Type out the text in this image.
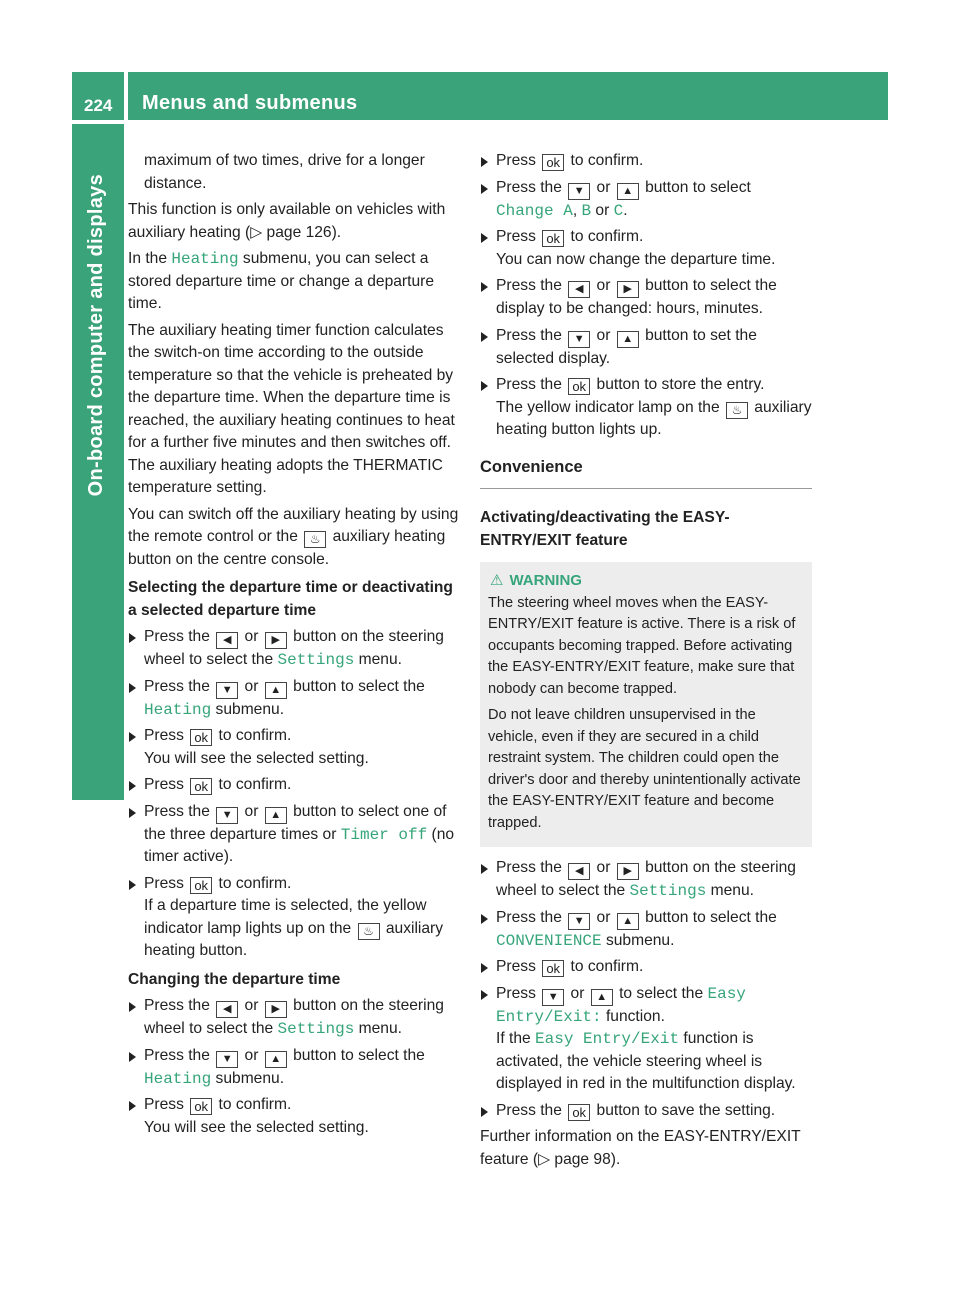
224 Menus and submenus
On-board computer and displays

maximum of two times, drive for a longer distance.

This function is only available on vehicles with auxiliary heating (▷ page 126).

In the Heating submenu, you can select a stored departure time or change a departure time.

The auxiliary heating timer function calculates the switch-on time according to the outside temperature so that the vehicle is preheated by the departure time. When the departure time is reached, the auxiliary heating continues to heat for a further five minutes and then switches off. The auxiliary heating adopts the THERMATIC temperature setting.

You can switch off the auxiliary heating by using the remote control or the ♨ auxiliary heating button on the centre console.

Selecting the departure time or deactivating a selected departure time

Press the ◀ or ▶ button on the steering wheel to select the Settings menu.
Press the ▼ or ▲ button to select the Heating submenu.
Press ok to confirm.
You will see the selected setting.
Press ok to confirm.
Press the ▼ or ▲ button to select one of the three departure times or Timer off (no timer active).
Press ok to confirm.
If a departure time is selected, the yellow indicator lamp lights up on the ♨ auxiliary heating button.

Changing the departure time

Press the ◀ or ▶ button on the steering wheel to select the Settings menu.
Press the ▼ or ▲ button to select the Heating submenu.
Press ok to confirm.
You will see the selected setting.
Press ok to confirm.
Press the ▼ or ▲ button to select Change A, B or C.
Press ok to confirm.
You can now change the departure time.
Press the ◀ or ▶ button to select the display to be changed: hours, minutes.
Press the ▼ or ▲ button to set the selected display.
Press the ok button to store the entry.
The yellow indicator lamp on the ♨ auxiliary heating button lights up.

Convenience

Activating/deactivating the EASY-ENTRY/EXIT feature

⚠ WARNING

The steering wheel moves when the EASY-ENTRY/EXIT feature is active. There is a risk of occupants becoming trapped. Before activating the EASY-ENTRY/EXIT feature, make sure that nobody can become trapped.

Do not leave children unsupervised in the vehicle, even if they are secured in a child restraint system. The children could open the driver's door and thereby unintentionally activate the EASY-ENTRY/EXIT feature and become trapped.

Press the ◀ or ▶ button on the steering wheel to select the Settings menu.
Press the ▼ or ▲ button to select the CONVENIENCE submenu.
Press ok to confirm.
Press ▼ or ▲ to select the Easy Entry/Exit: function.
If the Easy Entry/Exit function is activated, the vehicle steering wheel is displayed in red in the multifunction display.
Press the ok button to save the setting.

Further information on the EASY-ENTRY/EXIT feature (▷ page 98).
